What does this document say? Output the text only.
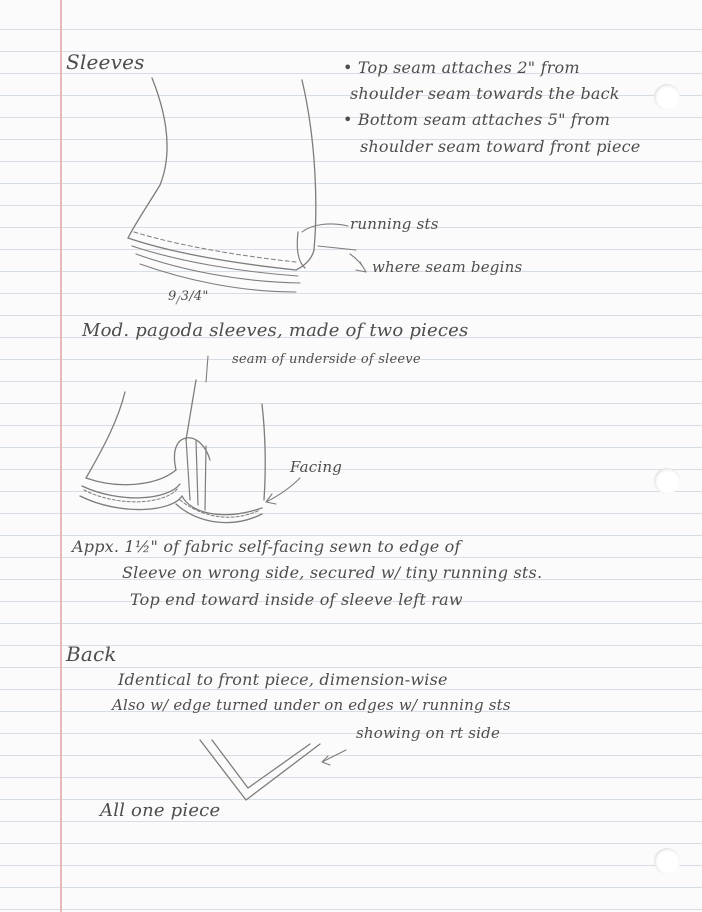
Sleeves	• Top seam attaches 2" from

shoulder seam towards the back

• Bottom seam attaches 5" from

shoulder seam toward front piece

running sts

where seam begins

9 3/4"

Mod. pagoda sleeves, made of two pieces

seam of underside of sleeve

Facing

Appx. 1½" of fabric self-facing sewn to edge of

Sleeve on wrong side, secured w/ tiny running sts.

Top end toward inside of sleeve left raw

Back

Identical to front piece, dimension-wise

Also w/ edge turned under on edges w/ running sts

showing on rt side

All one piece
